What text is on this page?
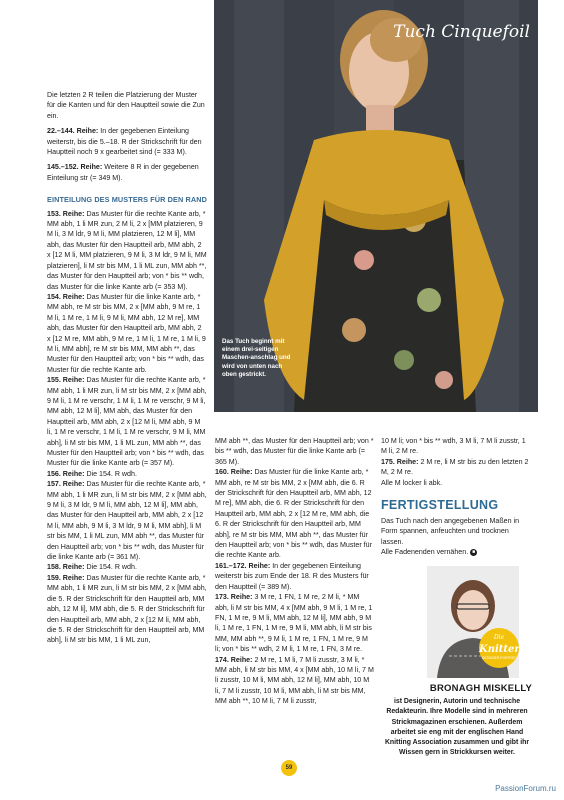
Tuch Cinquefoil
Das Tuch beginnt mit einem drei-seitigen Maschen-anschlag und wird von unten nach oben gestrickt.

Die letzten 2 R teilen die Platzierung der Muster für die Kanten und für den Hauptteil sowie die Zun ein.

22.–144. Reihe: In der gegebenen Einteilung weiterstr, bis die 5.–18. R der Strickschrift für den Hauptteil noch 9 x gearbeitet sind (= 333 M).

145.–152. Reihe: Weitere 8 R in der gegebenen Einteilung str (= 349 M).

EINTEILUNG DES MUSTERS FÜR DEN RAND

153. Reihe: Das Muster für die rechte Kante arb, * MM abh, 1 li MR zun, 2 M li, 2 x [MM platzieren, 9 M li, 3 M ldr, 9 M li, MM platzieren, 12 M li], MM abh, das Muster für den Hauptteil arb, MM abh, 2 x [12 M li, MM platzieren, 9 M li, 3 M ldr, 9 M li, MM platzieren], li M str bis MM, 1 li ML zun, MM abh **, das Muster für den Hauptteil arb; von * bis ** wdh, das Muster für die linke Kante arb (= 353 M).

154. Reihe: Das Muster für die linke Kante arb, * MM abh, re M str bis MM, 2 x [MM abh, 9 M re, 1 M li, 1 M re, 1 M li, 9 M li, MM abh, 12 M re], MM abh, das Muster für den Hauptteil arb, MM abh, 2 x [12 M re, MM abh, 9 M re, 1 M li, 1 M re, 1 M li, 9 M li, MM abh], re M str bis MM, MM abh **, das Muster für den Hauptteil arb; von * bis ** wdh, das Muster für die rechte Kante arb.

155. Reihe: Das Muster für die rechte Kante arb, * MM abh, 1 li MR zun, li M str bis MM, 2 x [MM abh, 9 M li, 1 M re verschr, 1 M li, 1 M re verschr, 9 M li, MM abh, 12 M li], MM abh, das Muster für den Hauptteil arb, MM abh, 2 x [12 M li, MM abh, 9 M li, 1 M re verschr, 1 M li, 1 M re verschr, 9 M li, MM abh], li M str bis MM, 1 li ML zun, MM abh **, das Muster für den Hauptteil arb; von * bis ** wdh, das Muster für die linke Kante arb (= 357 M).

156. Reihe: Die 154. R wdh.

157. Reihe: Das Muster für die rechte Kante arb, * MM abh, 1 li MR zun, li M str bis MM, 2 x [MM abh, 9 M li, 3 M ldr, 9 M li, MM abh, 12 M li], MM abh, das Muster für den Hauptteil arb, MM abh, 2 x [12 M li, MM abh, 9 M li, 3 M ldr, 9 M li, MM abh], li M str bis MM, 1 li ML zun, MM abh **, das Muster für den Hauptteil arb; von * bis ** wdh, das Muster für die linke Kante arb (= 361 M).

158. Reihe: Die 154. R wdh.

159. Reihe: Das Muster für die rechte Kante arb, * MM abh, 1 li MR zun, li M str bis MM, 2 x [MM abh, die 5. R der Strickschrift für den Hauptteil arb, MM abh, 12 M li], MM abh, die 5. R der Strickschrift für den Hauptteil arb, MM abh, 2 x [12 M li, MM abh, die 5. R der Strickschrift für den Hauptteil arb, MM abh], li M str bis MM, 1 li ML zun,

MM abh **, das Muster für den Hauptteil arb; von * bis ** wdh, das Muster für die linke Kante arb (= 365 M).

160. Reihe: Das Muster für die linke Kante arb, * MM abh, re M str bis MM, 2 x [MM abh, die 6. R der Strickschrift für den Hauptteil arb, MM abh, 12 M re], MM abh, die 6. R der Strickschrift für den Hauptteil arb, MM abh, 2 x [12 M re, MM abh, die 6. R der Strickschrift für den Hauptteil arb, MM abh], re M str bis MM, MM abh **, das Muster für den Hauptteil arb; von * bis ** wdh, das Muster für die rechte Kante arb.

161.–172. Reihe: In der gegebenen Einteilung weiterstr bis zum Ende der 18. R des Musters für den Hauptteil (= 389 M).

173. Reihe: 3 M re, 1 FN, 1 M re, 2 M li, * MM abh, li M str bis MM, 4 x [MM abh, 9 M li, 1 M re, 1 FN, 1 M re, 9 M li, MM abh, 12 M li], MM abh, 9 M li, 1 M re, 1 FN, 1 M re, 9 M li, MM abh, li M str bis MM, MM abh **, 9 M li, 1 M re, 1 FN, 1 M re, 9 M li; von * bis ** wdh, 2 M li, 1 M re, 1 FN, 3 M re.

174. Reihe: 2 M re, 1 M li, 7 M li zusstr, 3 M li, * MM abh, li M str bis MM, 4 x [MM abh, 10 M li, 7 M li zusstr, 10 M li, MM abh, 12 M li], MM abh, 10 M li, 7 M li zusstr, 10 M li, MM abh, li M str bis MM, MM abh **, 10 M li, 7 M li zusstr,

10 M li; von * bis ** wdh, 3 M li, 7 M li zusstr, 1 M li, 2 M re.

175. Reihe: 2 M re, li M str bis zu den letzten 2 M, 2 M re.

Alle M locker li abk.

FERTIGSTELLUNG

Das Tuch nach den angegebenen Maßen in Form spannen, anfeuchten und trocknen lassen.

Alle Fadenenden vernähen. ■

Die
Knitter
DESIGNER-PORTRÄT
BRONAGH MISKELLY
ist Designerin, Autorin und technische Redakteurin. Ihre Modelle sind in mehreren Strickmagazinen erschienen. Außerdem arbeitet sie eng mit der englischen Hand Knitting Association zusammen und gibt ihr Wissen gern in Strickkursen weiter.
59
PassionForum.ru
